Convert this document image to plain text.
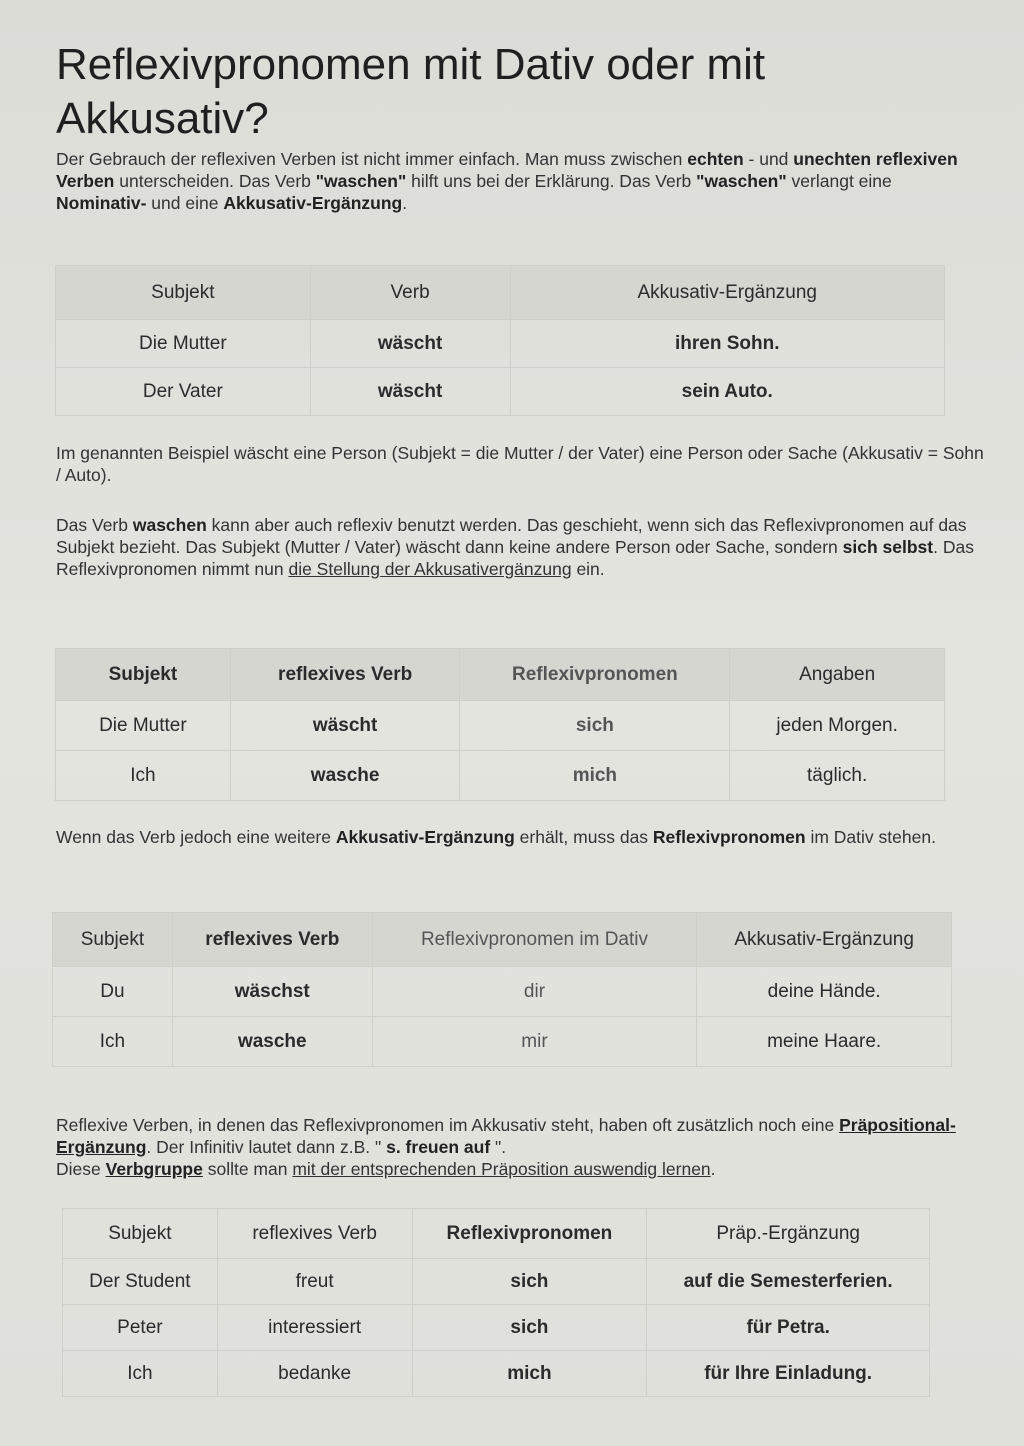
Reflexivpronomen mit Dativ oder mit Akkusativ?

Der Gebrauch der reflexiven Verben ist nicht immer einfach. Man muss zwischen echten - und unechten reflexiven Verben unterscheiden. Das Verb "waschen" hilft uns bei der Erklärung. Das Verb "waschen" verlangt eine Nominativ- und eine Akkusativ-Ergänzung.

Subjekt	Verb	Akkusativ-Ergänzung
Die Mutter	wäscht	ihren Sohn.
Der Vater	wäscht	sein Auto.

Im genannten Beispiel wäscht eine Person (Subjekt = die Mutter / der Vater) eine Person oder Sache (Akkusativ = Sohn / Auto).

Das Verb waschen kann aber auch reflexiv benutzt werden. Das geschieht, wenn sich das Reflexivpronomen auf das Subjekt bezieht. Das Subjekt (Mutter / Vater) wäscht dann keine andere Person oder Sache, sondern sich selbst. Das Reflexivpronomen nimmt nun die Stellung der Akkusativergänzung ein.

Subjekt	reflexives Verb	Reflexivpronomen	Angaben
Die Mutter	wäscht	sich	jeden Morgen.
Ich	wasche	mich	täglich.

Wenn das Verb jedoch eine weitere Akkusativ-Ergänzung erhält, muss das Reflexivpronomen im Dativ stehen.

Subjekt	reflexives Verb	Reflexivpronomen im Dativ	Akkusativ-Ergänzung
Du	wäschst	dir	deine Hände.
Ich	wasche	mir	meine Haare.

Reflexive Verben, in denen das Reflexivpronomen im Akkusativ steht, haben oft zusätzlich noch eine Präpositional-Ergänzung. Der Infinitiv lautet dann z.B. " s. freuen auf ".
Diese Verbgruppe sollte man mit der entsprechenden Präposition auswendig lernen.

Subjekt	reflexives Verb	Reflexivpronomen	Präp.-Ergänzung
Der Student	freut	sich	auf die Semesterferien.
Peter	interessiert	sich	für Petra.
Ich	bedanke	mich	für Ihre Einladung.
